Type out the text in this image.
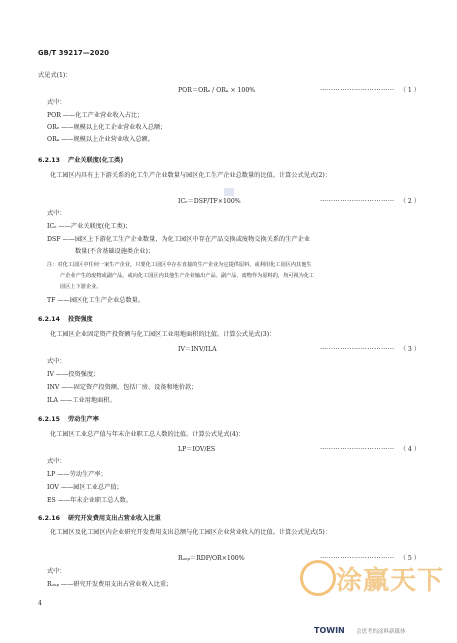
GB/T 39217—2020
式见式(1)：
POR＝ORₑ / ORₐ × 100%	…………………………… （ 1 ）
式中：
POR ——化工产业营业收入占比；
ORₑ ——规模以上化工企业营业收入总额；
ORₐ ——规模以上企业营业收入总额。
6.2.13 产业关联度(化工类)
化工园区内具有上下游关系的化工生产企业数量与园区化工生产企业总数量的比值。计算公式见式(2)：
ICₑ＝DSF/TF×100%	…………………………… （ 2 ）
式中：
ICₑ ——产业关联度(化工类)；
DSF ——园区上下游化工生产企业数量，为化工园区中存在产品交换或废物交换关系的生产企业
数量(不含基础设施类企业)；
注：对化工园区中任何一家生产企业，只要化工园区中存在直接的生产企业为它提供原料，或利用化工园区内其他生
产企业产生的废物或副产品，或向化工园区内其他生产企业输出产品、副产品、废物作为原料的，均可视为化工
园区上下游企业。
TF ——园区化工生产企业总数量。
6.2.14 投资强度
化工园区企业固定资产投资额与化工园区工业用地面积的比值。计算公式见式(3)：
IV＝INV/ILA	…………………………… （ 3 ）
式中：
IV ——投资强度；
INV ——固定资产投资额，包括厂房、设备和地价款；
ILA ——工业用地面积。
6.2.15 劳动生产率
化工园区工业总产值与年末企业职工总人数的比值。计算公式见式(4)：
LP＝IOV/ES	…………………………… （ 4 ）
式中：
LP ——劳动生产率；
IOV ——园区工业总产值；
ES ——年末企业职工总人数。
6.2.16 研究开发费用支出占营业收入比重
化工园区及化工园区内企业研究开发费用支出总额与化工园区企业营业收入的比值。计算公式见式(5)：
Rₔₒₚ＝RDP/OR×100%	…………………………… （ 5 ）
式中：
Rₔₒₚ ——研究开发费用支出占营业收入比重；
4
涂赢天下
TOWIN 会思考的涂料新媒体
